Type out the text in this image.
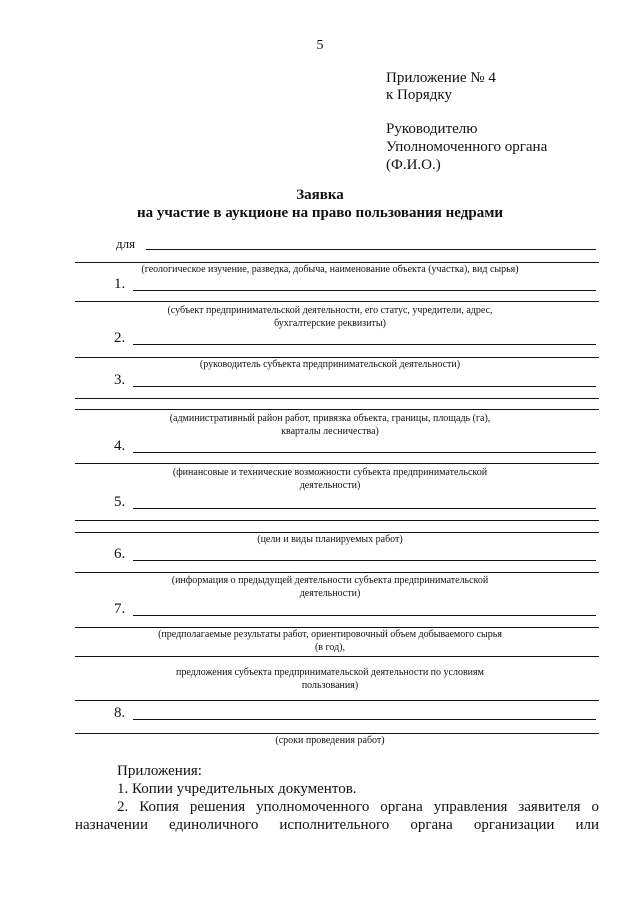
5
Приложение № 4
к Порядку
Руководителю
Уполномоченного органа
(Ф.И.О.)
Заявка
на участие в аукционе на право пользования недрами
для
(геологическое изучение, разведка, добыча, наименование объекта (участка), вид сырья)
1.
(субъект предпринимательской деятельности, его статус, учредители, адрес,
бухгалтерские реквизиты)
2.
(руководитель субъекта предпринимательской деятельности)
3.
(административный район работ, привязка объекта, границы, площадь (га),
кварталы лесничества)
4.
(финансовые и технические возможности субъекта предпринимательской
деятельности)
5.
(цели и виды планируемых работ)
6.
(информация о предыдущей деятельности субъекта предпринимательской
деятельности)
7.
(предполагаемые результаты работ, ориентировочный объем добываемого сырья
(в год),
предложения субъекта предпринимательской деятельности по условиям
пользования)
8.
(сроки проведения работ)
Приложения:
1. Копии учредительных документов.
2. Копия решения уполномоченного органа управления заявителя о
назначении единоличного исполнительного органа организации или
